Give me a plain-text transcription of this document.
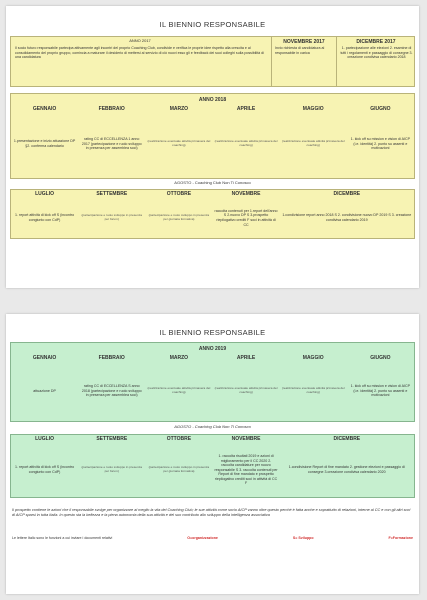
IL BIENNIO RESPONSABILE
ANNO 2017
Il socio futuro responsabile partecipa attivamente agli incontri del proprio Coaching Club, condivide e verifica le proprie idee rispetto alla crescita e al consolidamento del proprio gruppo, comincia a maturare il desiderio di mettersi al servizio di ciò nuovi esso gli e feedback dei suoi colleghi sulla possibilità di una candidatura
NOVEMBRE 2017
Invio richiesta di candidatura al responsabile in carica
DICEMBRE 2017
1. partecipazione alle elezioni 2. esamine di tutti i regolamenti e passaggio di consegne 3. creazione condivisa calendario 2018
ANNO 2018
GENNAIO	FEBBRAIO	MARZO	APRILE	MAGGIO	GIUGNO
1.presentazione e inizio attuazione DP §2. conferma calendario	rating CC di ECCELLENZA 1 anno 2017 (partecipazione e ruolo sviluppo in presenza per assemblea soci)	(realizzazione eventuale attività primavera del coaching)	(realizzazione eventuale attività primavera del coaching)	(realizzazione eventuale attività primavera del coaching)	1. kick off su mission e vision di AICP (i.e. identità) 2. punto su assenti e motivazioni
AGOSTO - Coaching Club Non Ti Conosco
LUGLIO	SETTEMBRE	OTTOBRE	NOVEMBRE	DICEMBRE
1. report attività di kick off S (incontro congiunto con CdP)	(partecipazione e ruolo sviluppo in presenza per forum)	(partecipazione e ruolo sviluppo in presenza per giornata formativa)	raccolta contenuti per 1.report dell'anno S 2.nuovo DP S 3.prospetto riepilogativo crediti F soci in attività di CC	1.condivisione report anno 2018 S 2. condivisione nuovo DP 2019 S 3. creazione condivisa calendario 2019
IL BIENNIO RESPONSABILE
ANNO 2019
GENNAIO	FEBBRAIO	MARZO	APRILE	MAGGIO	GIUGNO
attuazione DP	rating CC di ECCELLENZA S anno 2018 (partecipazione e ruolo sviluppo in presenza per assemblea soci)	(realizzazione eventuale attività primavera del coaching)	(realizzazione eventuale attività primavera del coaching)	(realizzazione eventuale attività primavera del coaching)	1. kick off su mission e vision di AICP (i.e. identità) 2. punto su assenti e motivazioni
AGOSTO - Coaching Club Non Ti Conosco
LUGLIO	SETTEMBRE	OTTOBRE	NOVEMBRE	DICEMBRE
1. report attività di kick off S (incontro congiunto con CdP)	(partecipazione e ruolo sviluppo in presenza per forum)	(partecipazione e ruolo sviluppo in presenza per giornata formativa)	1. raccolta risultati 2019 e azioni di miglioramento per il CC 2020 2. raccolta candidature per nuovo responsabile S 3. raccolta contenuti per Report di fine mandato e prospetto riepilogativo crediti soci in attività di CC F	1.condivisione Report di fine mandato 2. gestione elezioni e passaggio di consegne 3.creazione condivisa calendario 2020
Il prospetto contiene le azioni che il responsabile svolge per organizzare al meglio la vita del Coaching Club; le sue attività come socio AICP vanno oltre questo perché è fatta anche e soprattutto di relazioni, interne al CC e con gli altri soci di AICP sparsi in tutta Italia. In questo sta la bellezza e la piena autonomia della sua attività e del suo contributo allo sviluppo della intelligenza associativa
Le lettere Italic sono le funzioni a cui inviare i documenti relativi	O=organizzazione	S= Sviluppo	F=Formazione
